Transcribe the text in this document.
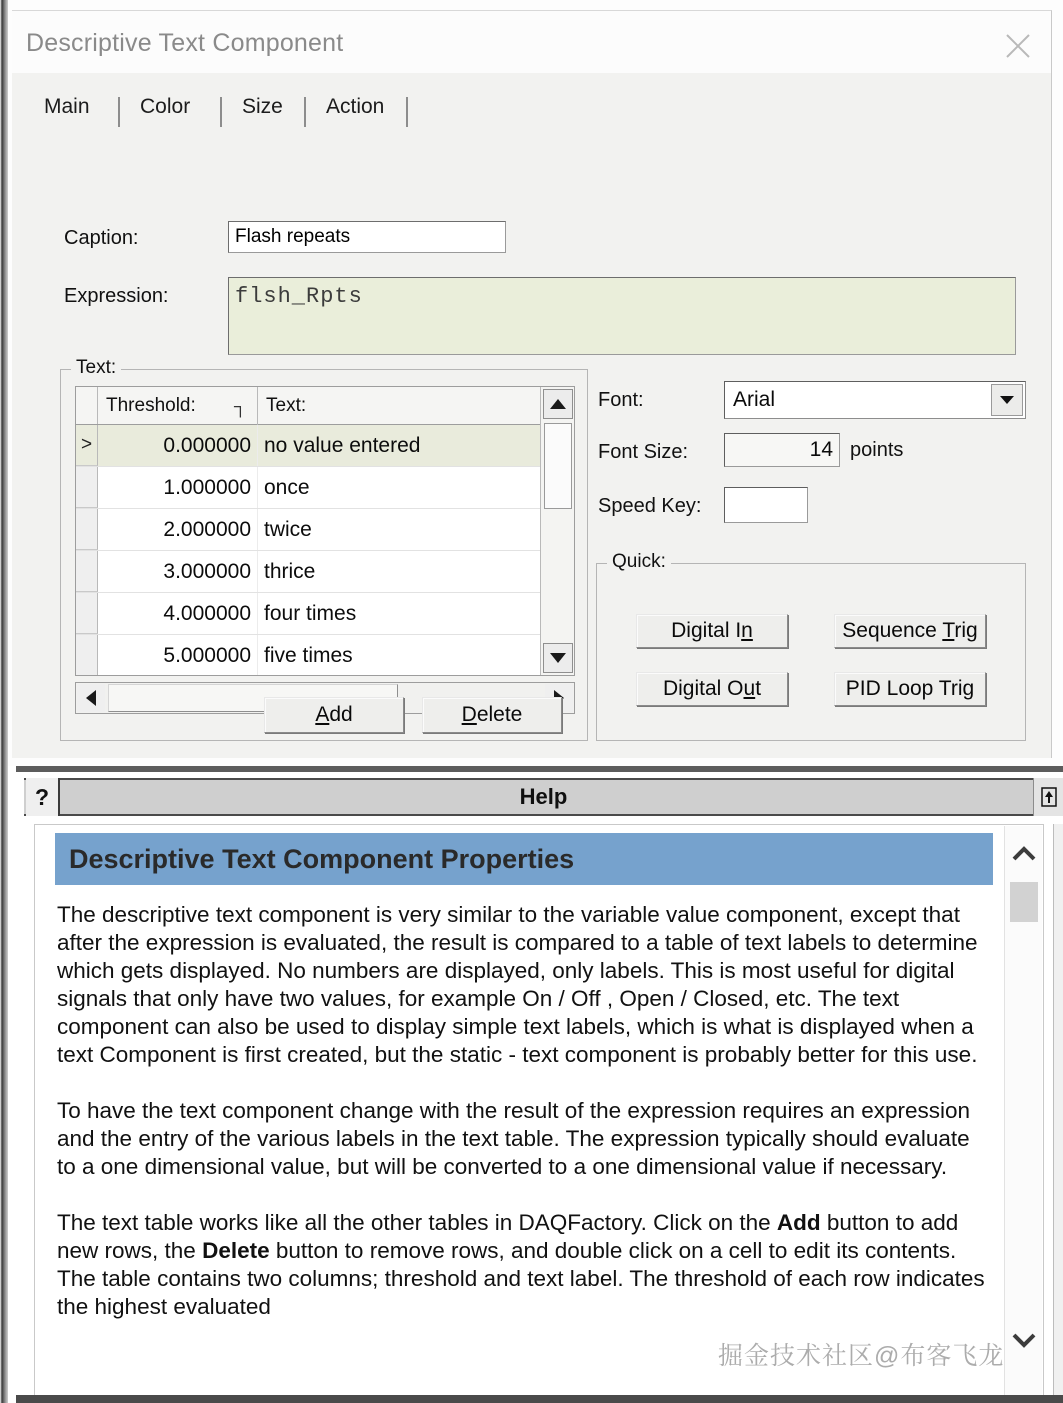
Descriptive Text Component
Main	Color	Size	Action
Caption:	Flash repeats
Expression:	flsh_Rpts
Text:
Threshold: ┐ Text:
>	0.000000 no value entered
1.000000 once
2.000000 twice
3.000000 thrice
4.000000 four times
5.000000 five times
Add	Delete
Font:	Arial
Font Size:	14 points
Speed Key:
Quick:
Digital In	Sequence Trig
Digital Out	PID Loop Trig
Help
?
Descriptive Text Component Properties

The descriptive text component is very similar to the variable value component, except that after the expression is evaluated, the result is compared to a table of text labels to determine which gets displayed. No numbers are displayed, only labels. This is most useful for digital signals that only have two values, for example On / Off , Open / Closed, etc. The text component can also be used to display simple text labels, which is what is displayed when a text Component is first created, but the static - text component is probably better for this use.

To have the text component change with the result of the expression requires an expression and the entry of the various labels in the text table. The expression typically should evaluate to a one dimensional value, but will be converted to a one dimensional value if necessary.

The text table works like all the other tables in DAQFactory. Click on the Add button to add new rows, the Delete button to remove rows, and double click on a cell to edit its contents. The table contains two columns; threshold and text label. The threshold of each row indicates the highest evaluated

掘金技术社区@布客飞龙
